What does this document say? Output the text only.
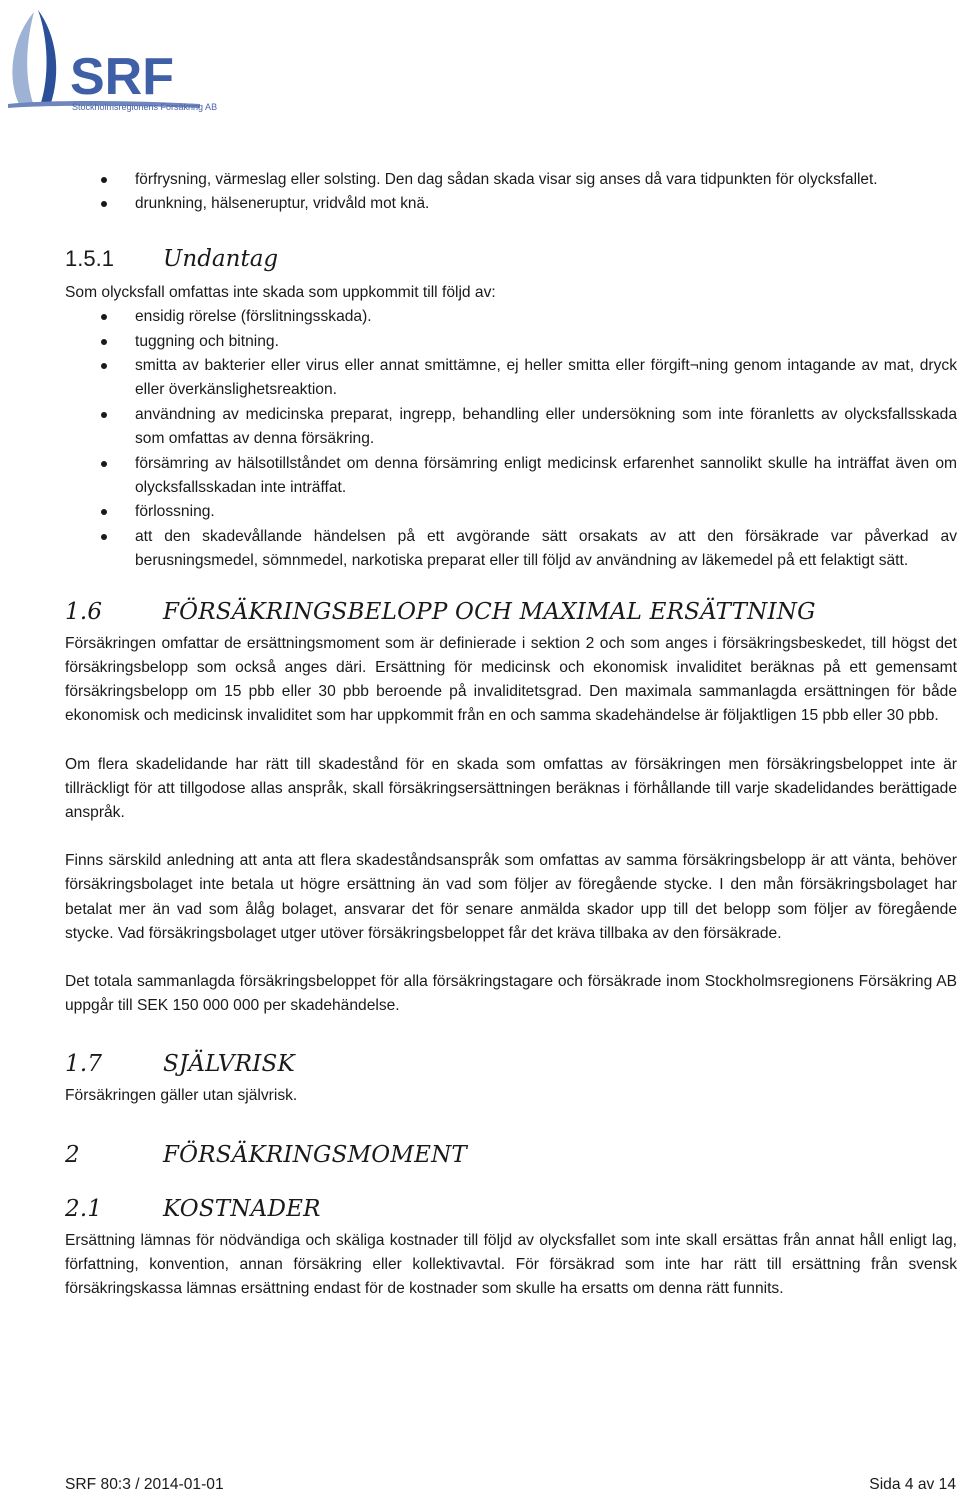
SRF
Stockholmsregionens Försäkring AB
förfrysning, värmeslag eller solsting. Den dag sådan skada visar sig anses då vara tidpunkten för olycksfallet.
drunkning, hälseneruptur, vridvåld mot knä.
1.5.1 Undantag
Som olycksfall omfattas inte skada som uppkommit till följd av:
ensidig rörelse (förslitningsskada).
tuggning och bitning.
smitta av bakterier eller virus eller annat smittämne, ej heller smitta eller förgift¬ning genom intagande av mat, dryck eller överkänslighetsreaktion.
användning av medicinska preparat, ingrepp, behandling eller undersökning som inte föranletts av olycksfallsskada som omfattas av denna försäkring.
försämring av hälsotillståndet om denna försämring enligt medicinsk erfarenhet sannolikt skulle ha inträffat även om olycksfallsskadan inte inträffat.
förlossning.
att den skadevållande händelsen på ett avgörande sätt orsakats av att den försäkrade var påverkad av berusningsmedel, sömnmedel, narkotiska preparat eller till följd av användning av läkemedel på ett felaktigt sätt.
1.6	FÖRSÄKRINGSBELOPP OCH MAXIMAL ERSÄTTNING

Försäkringen omfattar de ersättningsmoment som är definierade i sektion 2 och som anges i försäkringsbeskedet, till högst det försäkringsbelopp som också anges däri. Ersättning för medicinsk och ekonomisk invaliditet beräknas på ett gemensamt försäkringsbelopp om 15 pbb eller 30 pbb beroende på invaliditetsgrad. Den maximala sammanlagda ersättningen för både ekonomisk och medicinsk invaliditet som har uppkommit från en och samma skadehändelse är följaktligen 15 pbb eller 30 pbb.

Om flera skadelidande har rätt till skadestånd för en skada som omfattas av försäkringen men försäkringsbeloppet inte är tillräckligt för att tillgodose allas anspråk, skall försäkringsersättningen beräknas i förhållande till varje skadelidandes berättigade anspråk.

Finns särskild anledning att anta att flera skadeståndsanspråk som omfattas av samma försäkringsbelopp är att vänta, behöver försäkringsbolaget inte betala ut högre ersättning än vad som följer av föregående stycke. I den mån försäkringsbolaget har betalat mer än vad som ålåg bolaget, ansvarar det för senare anmälda skador upp till det belopp som följer av föregående stycke. Vad försäkringsbolaget utger utöver försäkringsbeloppet får det kräva tillbaka av den försäkrade.

Det totala sammanlagda försäkringsbeloppet för alla försäkringstagare och försäkrade inom Stockholmsregionens Försäkring AB uppgår till SEK 150 000 000 per skadehändelse.

1.7	SJÄLVRISK

Försäkringen gäller utan självrisk.

2	FÖRSÄKRINGSMOMENT
2.1	KOSTNADER

Ersättning lämnas för nödvändiga och skäliga kostnader till följd av olycksfallet som inte skall ersättas från annat håll enligt lag, författning, konvention, annan försäkring eller kollektivavtal. För försäkrad som inte har rätt till ersättning från svensk försäkringskassa lämnas ersättning endast för de kostnader som skulle ha ersatts om denna rätt funnits.

SRF 80:3 / 2014-01-01	Sida 4 av 14
